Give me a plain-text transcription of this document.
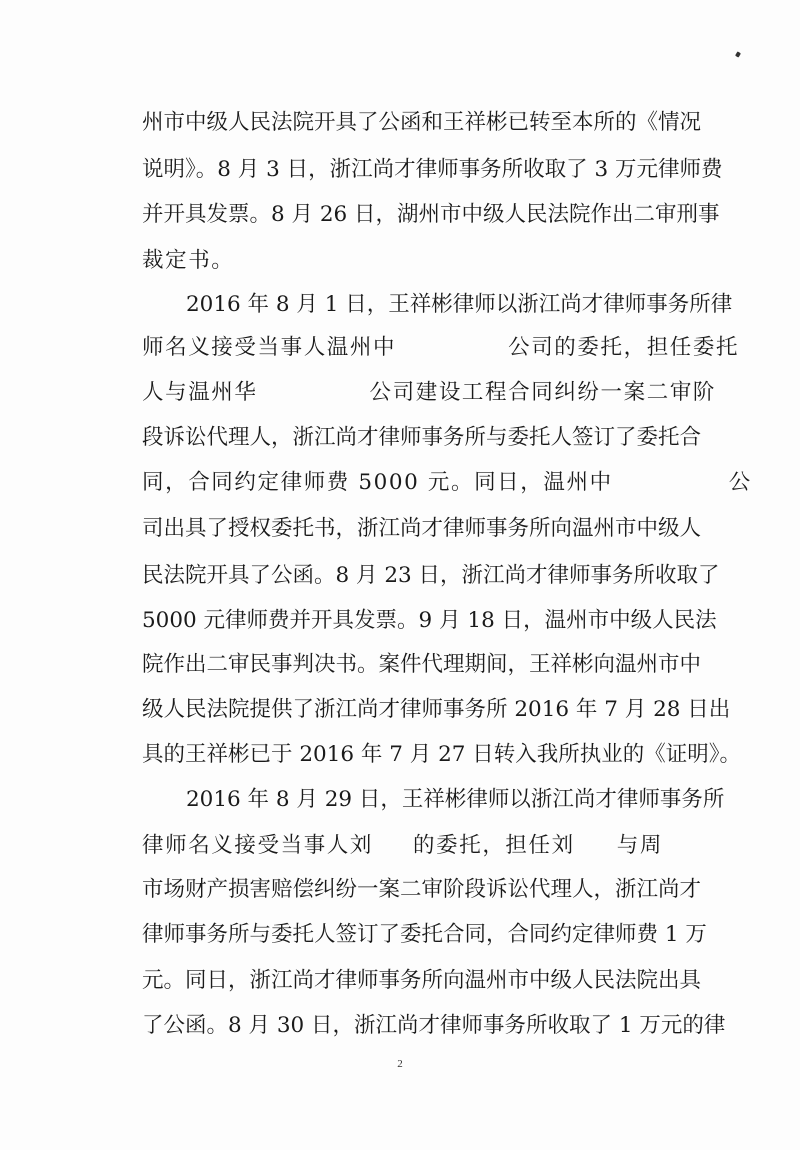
州市中级人民法院开具了公函和王祥彬已转至本所的《情况
说明》。8 月 3 日，浙江尚才律师事务所收取了 3 万元律师费
并开具发票。8 月 26 日，湖州市中级人民法院作出二审刑事
裁定书。
2016 年 8 月 1 日，王祥彬律师以浙江尚才律师事务所律
师名义接受当事人温州中	公司的委托，担任委托
人与温州华	公司建设工程合同纠纷一案二审阶
段诉讼代理人，浙江尚才律师事务所与委托人签订了委托合
同，合同约定律师费 5000 元。同日，温州中	公
司出具了授权委托书，浙江尚才律师事务所向温州市中级人
民法院开具了公函。8 月 23 日，浙江尚才律师事务所收取了
5000 元律师费并开具发票。9 月 18 日，温州市中级人民法
院作出二审民事判决书。案件代理期间，王祥彬向温州市中
级人民法院提供了浙江尚才律师事务所 2016 年 7 月 28 日出
具的王祥彬已于 2016 年 7 月 27 日转入我所执业的《证明》。
2016 年 8 月 29 日，王祥彬律师以浙江尚才律师事务所
律师名义接受当事人刘 的委托，担任刘 与周
市场财产损害赔偿纠纷一案二审阶段诉讼代理人，浙江尚才
律师事务所与委托人签订了委托合同，合同约定律师费 1 万
元。同日，浙江尚才律师事务所向温州市中级人民法院出具
了公函。8 月 30 日，浙江尚才律师事务所收取了 1 万元的律
2
